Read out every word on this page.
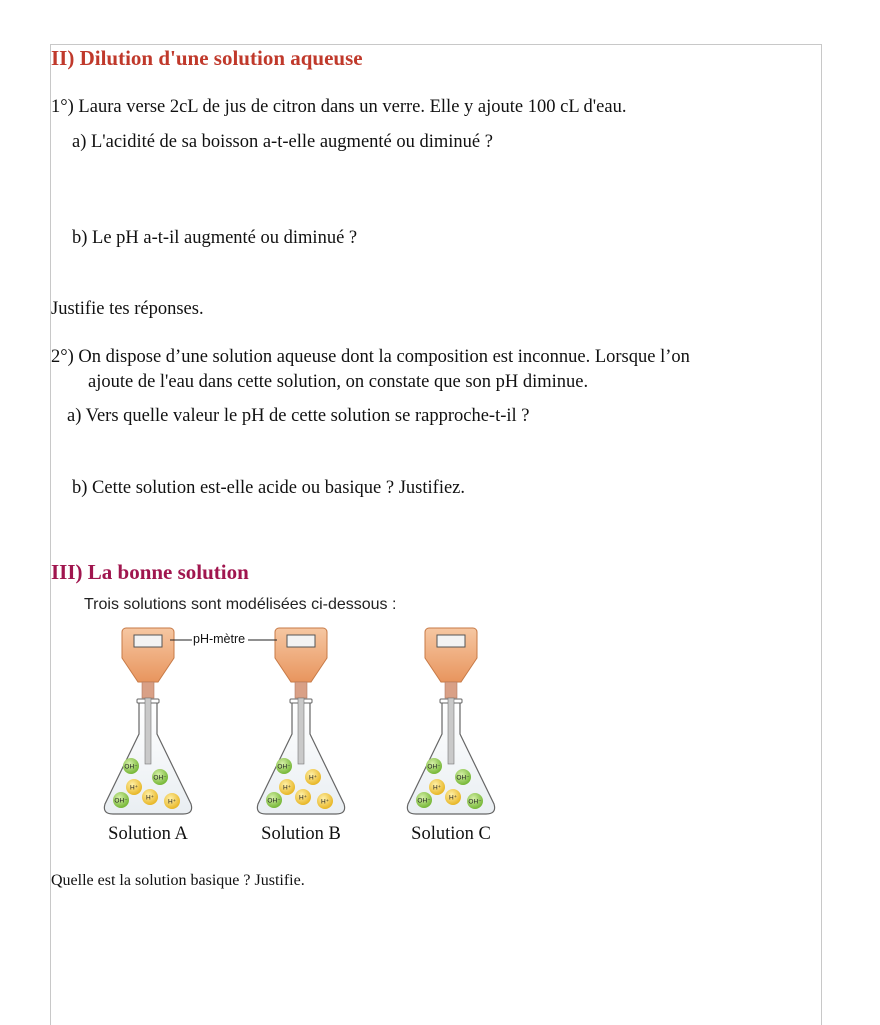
II) Dilution d'une solution aqueuse
1°) Laura verse 2cL de jus de citron dans un verre. Elle y ajoute 100 cL d'eau.
a) L'acidité de sa boisson a-t-elle augmenté ou diminué ?
b) Le pH a-t-il augmenté ou diminué ?
Justifie tes réponses.
2°) On dispose d’une solution aqueuse dont la composition est inconnue. Lorsque l’on
ajoute de l'eau dans cette solution, on constate que son pH diminue.
a) Vers quelle valeur le pH de cette solution se rapproche-t-il ?
b) Cette solution est-elle acide ou basique ? Justifiez.
III) La bonne solution
Trois solutions sont modélisées ci-dessous :
OH⁻
OH⁻
H⁺
OH⁻	H⁺
H⁺
OH⁻
H⁺
H⁺
OH⁻	H⁺
H⁺
OH⁻
OH⁻
H⁺
OH⁻	H⁺
OH⁻
pH-mètre
Solution A	Solution B	Solution C
Quelle est la solution basique ? Justifie.
